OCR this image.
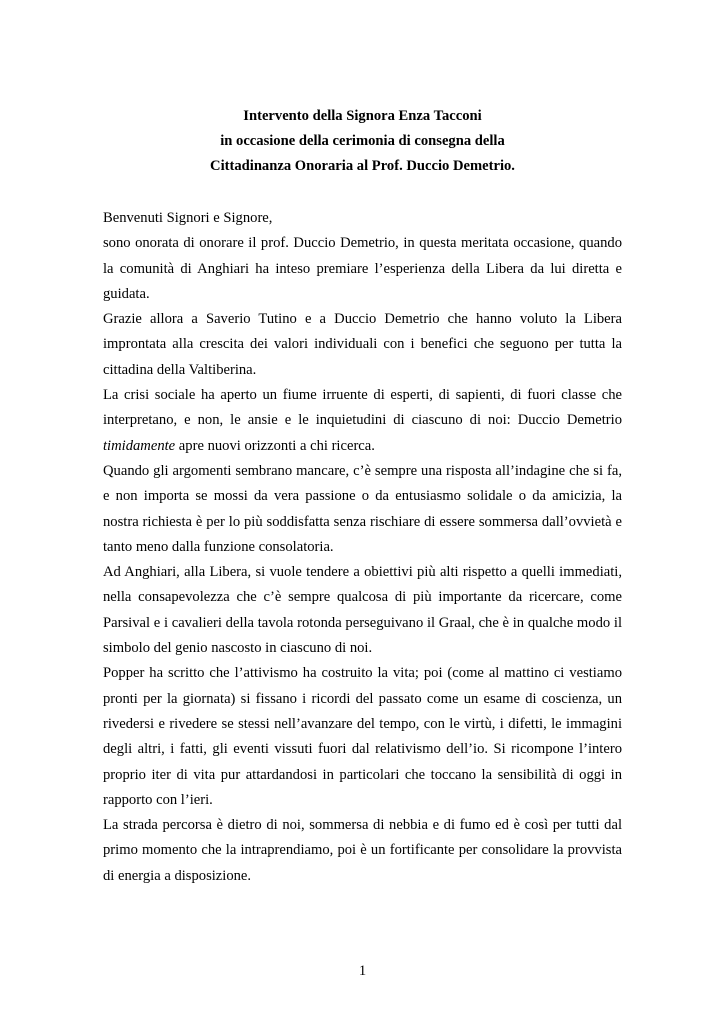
Intervento della Signora Enza Tacconi
in occasione della cerimonia di consegna della
Cittadinanza Onoraria al Prof. Duccio Demetrio.

Benvenuti Signori e Signore,

sono onorata di onorare il prof. Duccio Demetrio, in questa meritata occasione, quando la comunità di Anghiari ha inteso premiare l’esperienza della Libera da lui diretta e guidata.

Grazie allora a Saverio Tutino e a Duccio Demetrio che hanno voluto la Libera improntata alla crescita dei valori individuali con i benefici che seguono per tutta la cittadina della Valtiberina.

La crisi sociale ha aperto un fiume irruente di esperti, di sapienti, di fuori classe che interpretano, e non, le ansie e le inquietudini di ciascuno di noi: Duccio Demetrio timidamente apre nuovi orizzonti a chi ricerca.

Quando gli argomenti sembrano mancare, c’è sempre una risposta all’indagine che si fa, e non importa se mossi da vera passione o da entusiasmo solidale o da amicizia, la nostra richiesta è per lo più soddisfatta senza rischiare di essere sommersa dall’ovvietà e tanto meno dalla funzione consolatoria.

Ad Anghiari, alla Libera, si vuole tendere a obiettivi più alti rispetto a quelli immediati, nella consapevolezza che c’è sempre qualcosa di più importante da ricercare, come Parsival e i cavalieri della tavola rotonda perseguivano il Graal, che è in qualche modo il simbolo del genio nascosto in ciascuno di noi.

Popper ha scritto che l’attivismo ha costruito la vita; poi (come al mattino ci vestiamo pronti per la giornata) si fissano i ricordi del passato come un esame di coscienza, un rivedersi e rivedere se stessi nell’avanzare del tempo, con le virtù, i difetti, le immagini degli altri, i fatti, gli eventi vissuti fuori dal relativismo dell’io. Si ricompone l’intero proprio iter di vita pur attardandosi in particolari che toccano la sensibilità di oggi in rapporto con l’ieri.

La strada percorsa è dietro di noi, sommersa di nebbia e di fumo ed è così per tutti dal primo momento che la intraprendiamo, poi è un fortificante per consolidare la provvista di energia a disposizione.

1
